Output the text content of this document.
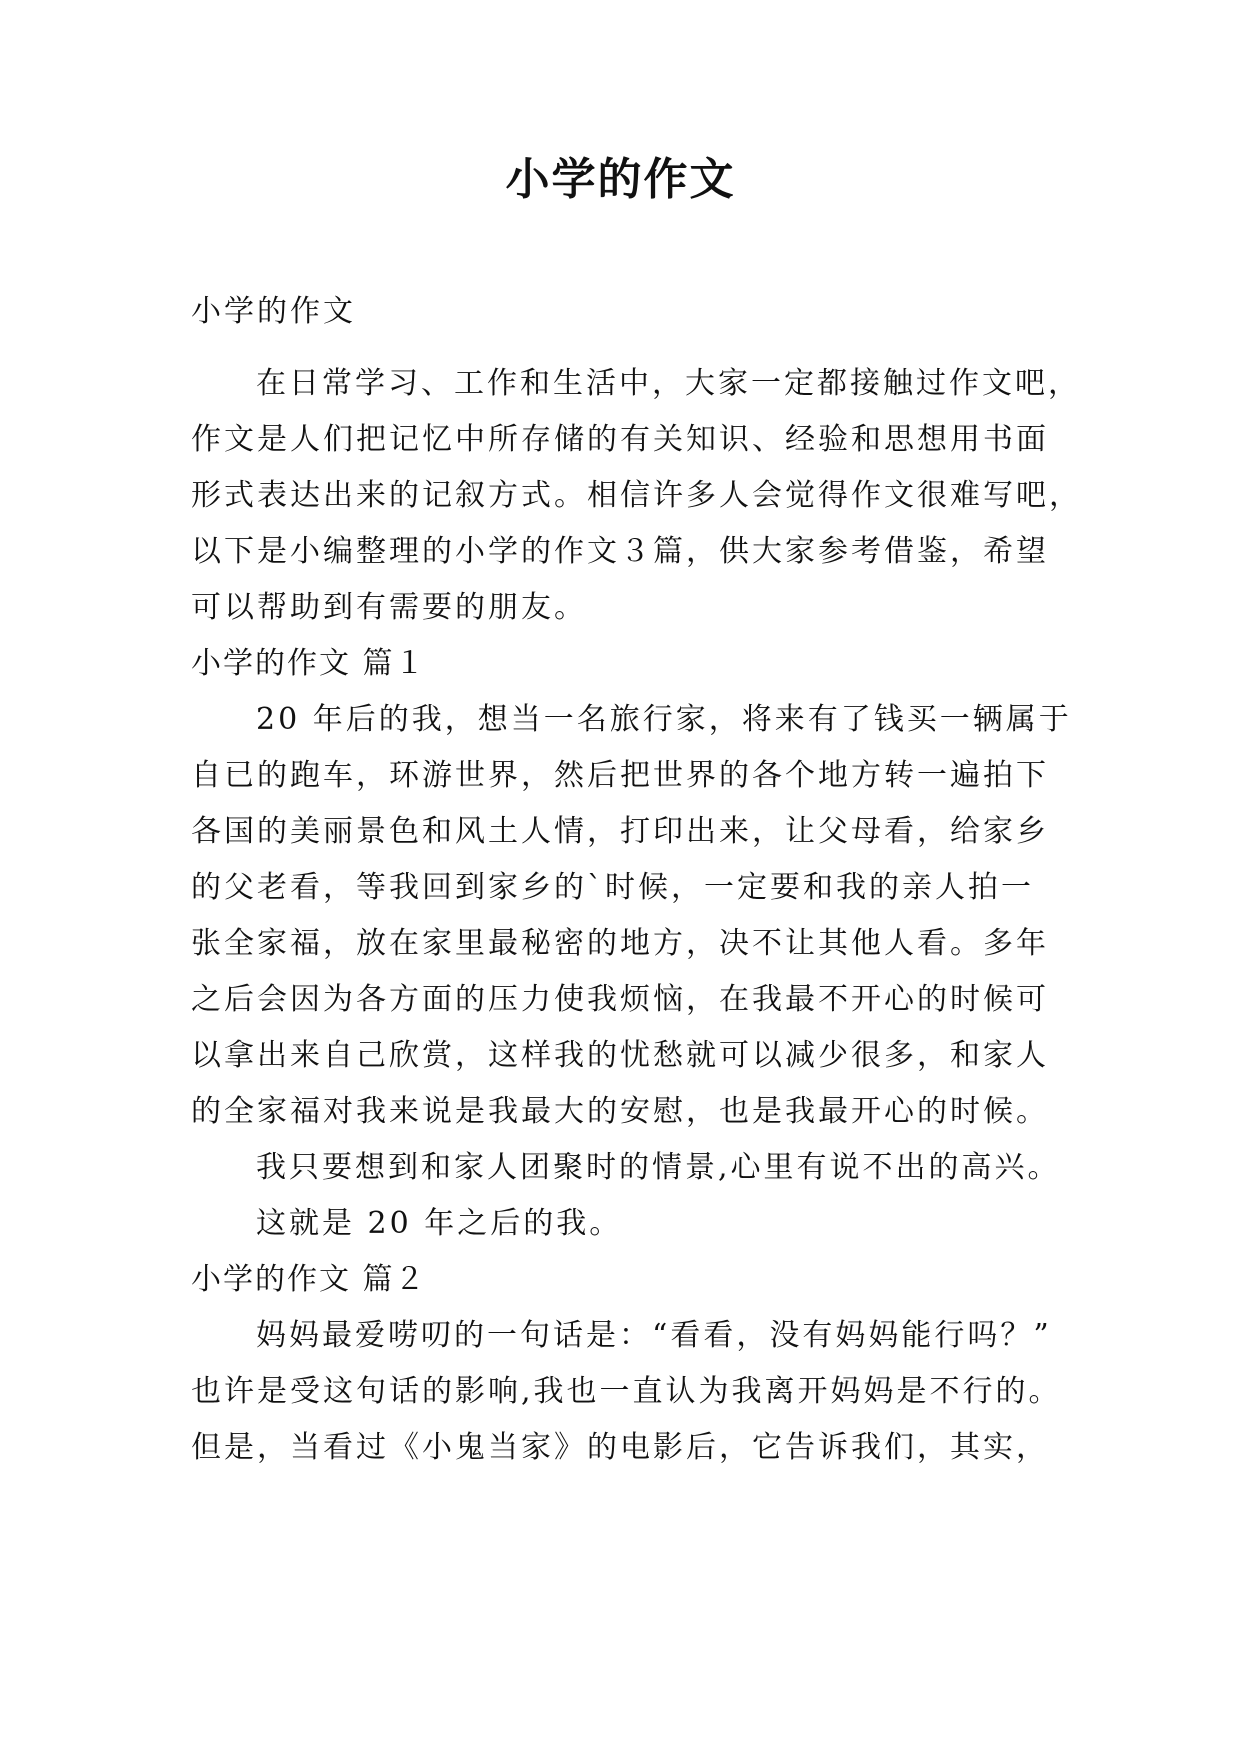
小学的作文
小学的作文
在日常学习、工作和生活中，大家一定都接触过作文吧，
作文是人们把记忆中所存储的有关知识、经验和思想用书面
形式表达出来的记叙方式。相信许多人会觉得作文很难写吧，
以下是小编整理的小学的作文３篇，供大家参考借鉴，希望
可以帮助到有需要的朋友。
小学的作文 篇１
20 年后的我，想当一名旅行家，将来有了钱买一辆属于
自已的跑车，环游世界，然后把世界的各个地方转一遍拍下
各国的美丽景色和风土人情，打印出来，让父母看，给家乡
的父老看，等我回到家乡的`时候，一定要和我的亲人拍一
张全家福，放在家里最秘密的地方，决不让其他人看。多年
之后会因为各方面的压力使我烦恼，在我最不开心的时候可
以拿出来自己欣赏，这样我的忧愁就可以减少很多，和家人
的全家福对我来说是我最大的安慰，也是我最开心的时候。
我只要想到和家人团聚时的情景,心里有说不出的高兴。
这就是 20 年之后的我。
小学的作文 篇２
妈妈最爱唠叨的一句话是：“看看，没有妈妈能行吗？”
也许是受这句话的影响,我也一直认为我离开妈妈是不行的。
但是，当看过《小鬼当家》的电影后，它告诉我们，其实，
